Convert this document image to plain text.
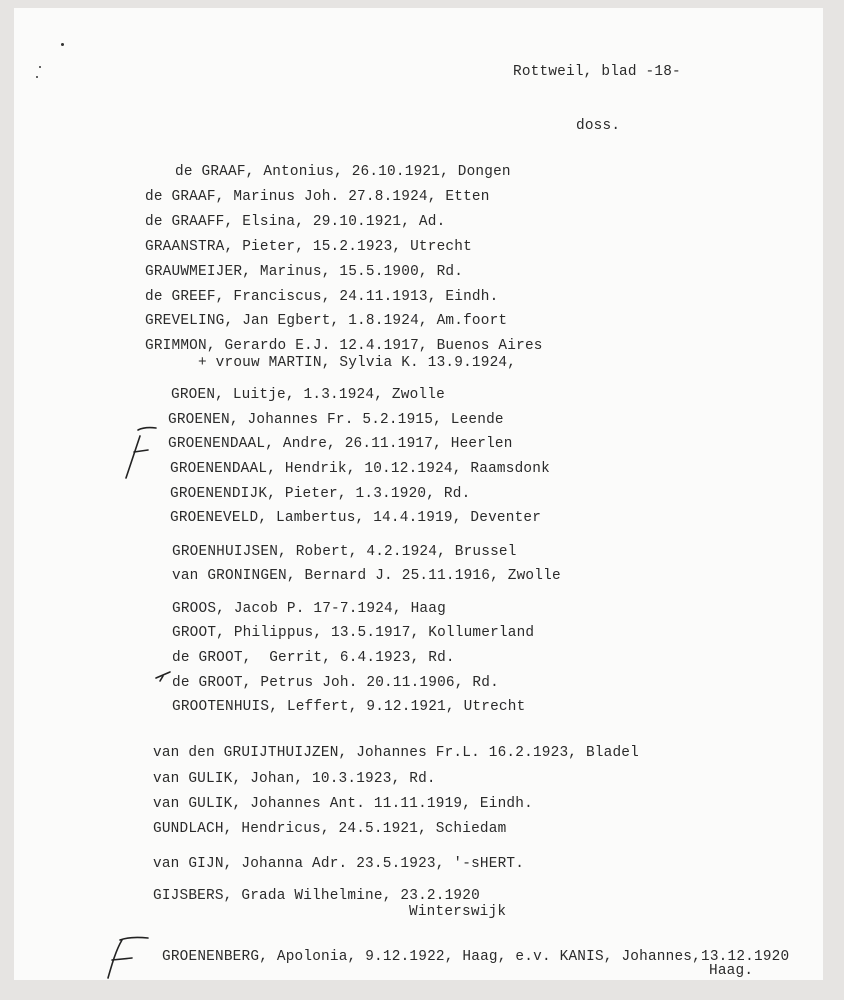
Rottweil, blad -18-
doss.
de GRAAF, Antonius, 26.10.1921, Dongen
de GRAAF, Marinus Joh. 27.8.1924, Etten
de GRAAFF, Elsina, 29.10.1921, Ad.
GRAANSTRA, Pieter, 15.2.1923, Utrecht
GRAUWMEIJER, Marinus, 15.5.1900, Rd.
de GREEF, Franciscus, 24.11.1913, Eindh.
GREVELING, Jan Egbert, 1.8.1924, Am.foort
GRIMMON, Gerardo E.J. 12.4.1917, Buenos Aires
+ vrouw MARTIN, Sylvia K. 13.9.1924,
GROEN, Luitje, 1.3.1924, Zwolle
GROENEN, Johannes Fr. 5.2.1915, Leende
GROENENDAAL, Andre, 26.11.1917, Heerlen
GROENENDAAL, Hendrik, 10.12.1924, Raamsdonk
GROENENDIJK, Pieter, 1.3.1920, Rd.
GROENEVELD, Lambertus, 14.4.1919, Deventer
GROENHUIJSEN, Robert, 4.2.1924, Brussel
van GRONINGEN, Bernard J. 25.11.1916, Zwolle
GROOS, Jacob P. 17-7.1924, Haag
GROOT, Philippus, 13.5.1917, Kollumerland
de GROOT,  Gerrit, 6.4.1923, Rd.
de GROOT, Petrus Joh. 20.11.1906, Rd.
GROOTENHUIS, Leffert, 9.12.1921, Utrecht
van den GRUIJTHUIJZEN, Johannes Fr.L. 16.2.1923, Bladel
van GULIK, Johan, 10.3.1923, Rd.
van GULIK, Johannes Ant. 11.11.1919, Eindh.
GUNDLACH, Hendricus, 24.5.1921, Schiedam
van GIJN, Johanna Adr. 23.5.1923, '-sHERT.
GIJSBERS, Grada Wilhelmine, 23.2.1920
Winterswijk
GROENENBERG, Apolonia, 9.12.1922, Haag, e.v. KANIS, Johannes,13.12.1920
Haag.
